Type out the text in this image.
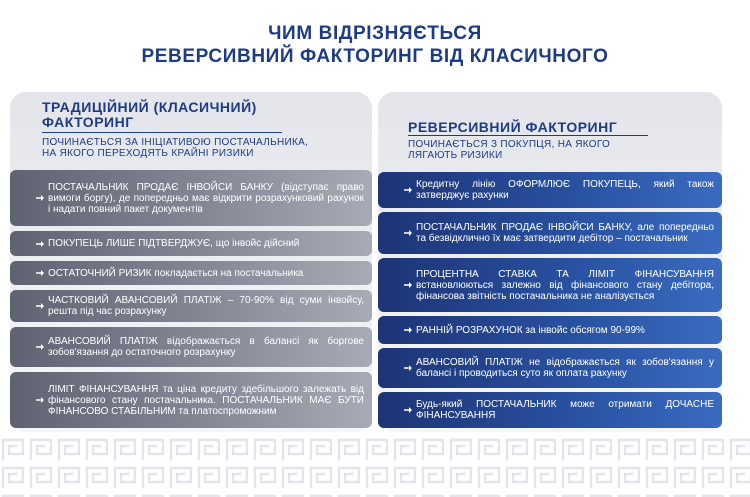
ЧИМ ВІДРІЗНЯЄТЬСЯ
РЕВЕРСИВНИЙ ФАКТОРИНГ ВІД КЛАСИЧНОГО
ТРАДИЦІЙНИЙ (КЛАСИЧНИЙ)
ФАКТОРИНГ
ПОЧИНАЄТЬСЯ ЗА ІНІЦІАТИВОЮ ПОСТАЧАЛЬНИКА,
НА ЯКОГО ПЕРЕХОДЯТЬ КРАЙНІ РИЗИКИ
ПОСТАЧАЛЬНИК ПРОДАЄ ІНВОЙСИ БАНКУ (відступає право вимоги боргу), де попередньо має відкрити розрахунковий рахунок і надати повний пакет документів
ПОКУПЕЦЬ ЛИШЕ ПІДТВЕРДЖУЄ, що інвойс дійсний
ОСТАТОЧНИЙ РИЗИК покладається на постачальника
ЧАСТКОВИЙ АВАНСОВИЙ ПЛАТІЖ – 70-90% від суми інвойсу, решта під час розрахунку
АВАНСОВИЙ ПЛАТІЖ відображається в балансі як боргове зобов'язання до остаточного розрахунку
ЛІМІТ ФІНАНСУВАННЯ та ціна кредиту здебільшого залежать від фінансового стану постачальника. ПОСТАЧАЛЬНИК МАЄ БУТИ ФІНАНСОВО СТАБІЛЬНИМ та платоспроможним
РЕВЕРСИВНИЙ ФАКТОРИНГ
ПОЧИНАЄТЬСЯ З ПОКУПЦЯ, НА ЯКОГО
ЛЯГАЮТЬ РИЗИКИ
Кредитну лінію ОФОРМЛЮЄ ПОКУПЕЦЬ, який також затверджує рахунки
ПОСТАЧАЛЬНИК ПРОДАЄ ІНВОЙСИ БАНКУ, але попередньо та безвідклично їх має затвердити дебітор – постачальник
ПРОЦЕНТНА СТАВКА ТА ЛІМІТ ФІНАНСУВАННЯ встановлюються залежно від фінансового стану дебітора, фінансова звітність постачальника не аналізується
РАННІЙ РОЗРАХУНОК за інвойс обсягом 90-99%
АВАНСОВИЙ ПЛАТІЖ не відображається як зобов'язання у балансі і проводиться суто як оплата рахунку
Будь-який ПОСТАЧАЛЬНИК може отримати ДОЧАСНЕ ФІНАНСУВАННЯ
